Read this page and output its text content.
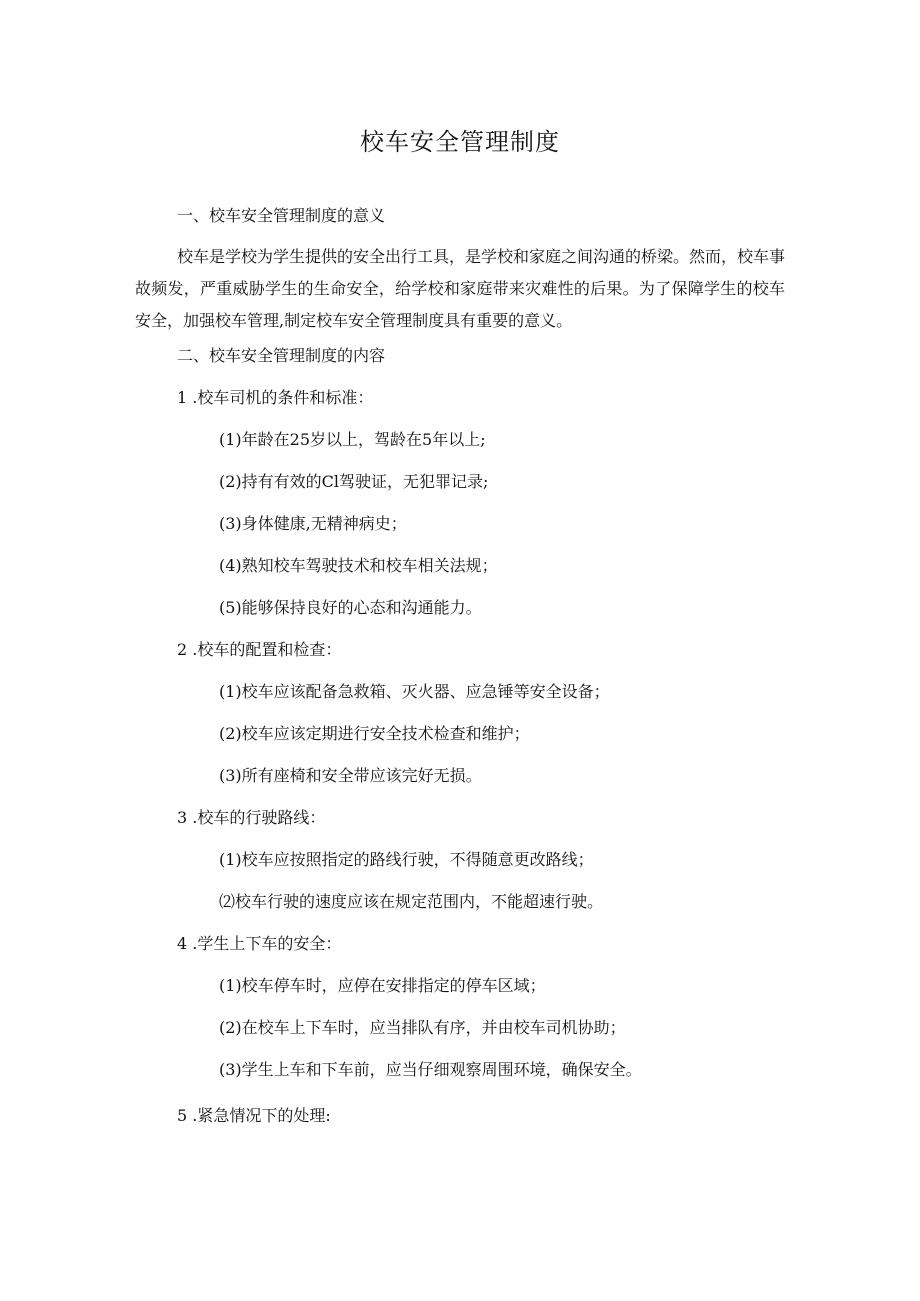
校车安全管理制度
一、校车安全管理制度的意义
校车是学校为学生提供的安全出行工具，是学校和家庭之间沟通的桥梁。然而，校车事故频发，严重威胁学生的生命安全，给学校和家庭带来灾难性的后果。为了保障学生的校车安全，加强校车管理,制定校车安全管理制度具有重要的意义。
二、校车安全管理制度的内容
1 .校车司机的条件和标准：
(1)年龄在25岁以上，驾龄在5年以上;
(2)持有有效的Cl驾驶证，无犯罪记录;
(3)身体健康,无精神病史；
(4)熟知校车驾驶技术和校车相关法规；
(5)能够保持良好的心态和沟通能力。
2 .校车的配置和检查：
(1)校车应该配备急救箱、灭火器、应急锤等安全设备；
(2)校车应该定期进行安全技术检查和维护；
(3)所有座椅和安全带应该完好无损。
3 .校车的行驶路线：
(1)校车应按照指定的路线行驶，不得随意更改路线；
⑵校车行驶的速度应该在规定范围内，不能超速行驶。
4 .学生上下车的安全：
(1)校车停车时，应停在安排指定的停车区域；
(2)在校车上下车时，应当排队有序，并由校车司机协助；
(3)学生上车和下车前，应当仔细观察周围环境，确保安全。
5 .紧急情况下的处理:
